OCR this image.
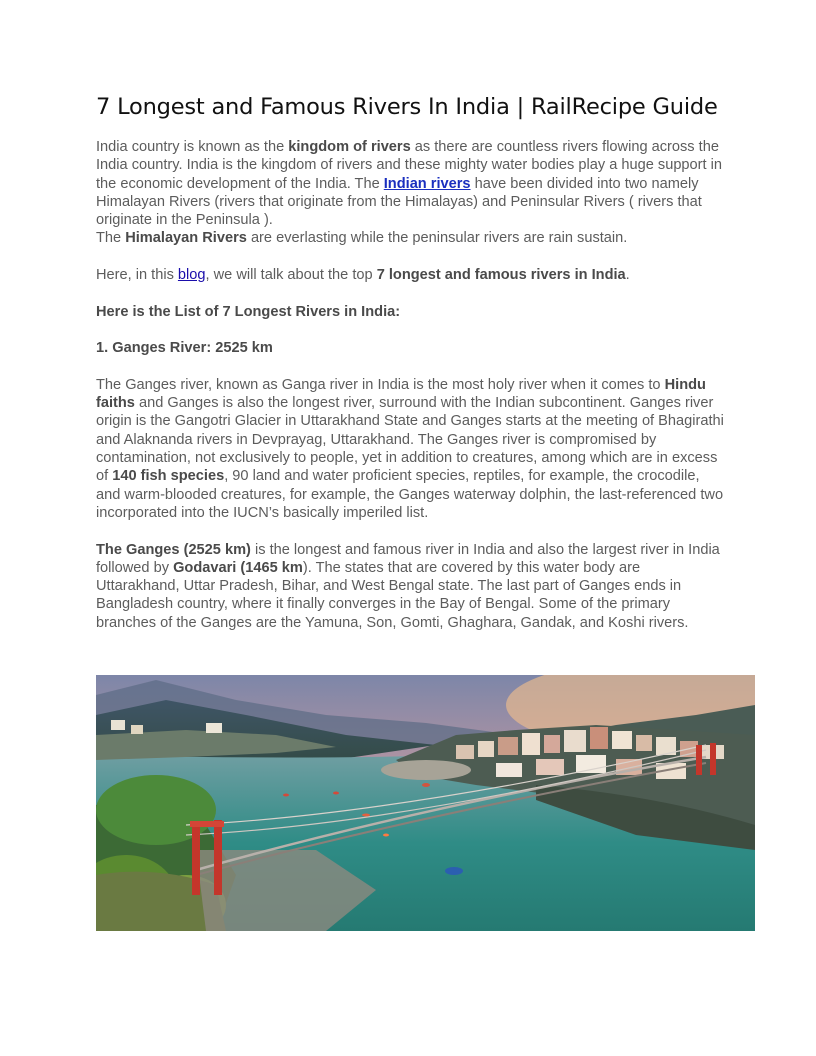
7 Longest and Famous Rivers In India | RailRecipe Guide

India country is known as the kingdom of rivers as there are countless rivers flowing across the India country. India is the kingdom of rivers and these mighty water bodies play a huge support in the economic development of the India. The Indian rivers have been divided into two namely Himalayan Rivers (rivers that originate from the Himalayas) and Peninsular Rivers ( rivers that originate in the Peninsula ).
The Himalayan Rivers are everlasting while the peninsular rivers are rain sustain.

Here, in this blog, we will talk about the top 7 longest and famous rivers in India.

Here is the List of 7 Longest Rivers in India:

1. Ganges River: 2525 km

The Ganges river, known as Ganga river in India is the most holy river when it comes to Hindu faiths and Ganges is also the longest river, surround with the Indian subcontinent. Ganges river origin is the Gangotri Glacier in Uttarakhand State and Ganges starts at the meeting of Bhagirathi and Alaknanda rivers in Devprayag, Uttarakhand. The Ganges river is compromised by contamination, not exclusively to people, yet in addition to creatures, among which are in excess of 140 fish species, 90 land and water proficient species, reptiles, for example, the crocodile, and warm-blooded creatures, for example, the Ganges waterway dolphin, the last-referenced two incorporated into the IUCN’s basically imperiled list.

The Ganges (2525 km) is the longest and famous river in India and also the largest river in India followed by Godavari (1465 km). The states that are covered by this water body are Uttarakhand, Uttar Pradesh, Bihar, and West Bengal state. The last part of Ganges ends in Bangladesh country, where it finally converges in the Bay of Bengal. Some of the primary branches of the Ganges are the Yamuna, Son, Gomti, Ghaghara, Gandak, and Koshi rivers.
